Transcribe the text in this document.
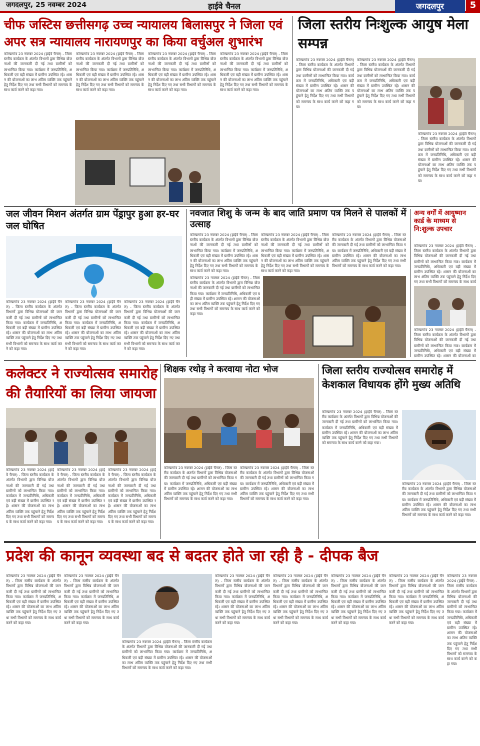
जगदलपुर, 25 नवम्बर 2024	हाईवे चैनल	जगदलपुर	5
चीफ जस्टिस छत्तीसगढ़ उच्च न्यायालय बिलासपुर ने जिला एवं अपर सत्र न्यायालय नारायणपुर का किया वर्चुअल शुभारंभ
कोण्डागांव 23 नवम्बर 2024 (हाईवे चैनल) - जिला स्तरीय कार्यक्रम के अंतर्गत विभागों द्वारा विभिन्न योजनाओं की जानकारी दी गई तथा ग्रामीणों को लाभान्वित किया गया। कार्यक्रम में जनप्रतिनिधि, अधिकारी एवं बड़ी संख्या में ग्रामीण उपस्थित रहे। शासन की योजनाओं का लाभ अंतिम व्यक्ति तक पहुंचाने हेतु निर्देश दिए गए तथा सभी विभागों को समन्वय के साथ कार्य करने को कहा गया।
कोण्डागांव 23 नवम्बर 2024 (हाईवे चैनल) - जिला स्तरीय कार्यक्रम के अंतर्गत विभागों द्वारा विभिन्न योजनाओं की जानकारी दी गई तथा ग्रामीणों को लाभान्वित किया गया। कार्यक्रम में जनप्रतिनिधि, अधिकारी एवं बड़ी संख्या में ग्रामीण उपस्थित रहे। शासन की योजनाओं का लाभ अंतिम व्यक्ति तक पहुंचाने हेतु निर्देश दिए गए तथा सभी विभागों को समन्वय के साथ कार्य करने को कहा गया।
कोण्डागांव 23 नवम्बर 2024 (हाईवे चैनल) - जिला स्तरीय कार्यक्रम के अंतर्गत विभागों द्वारा विभिन्न योजनाओं की जानकारी दी गई तथा ग्रामीणों को लाभान्वित किया गया। कार्यक्रम में जनप्रतिनिधि, अधिकारी एवं बड़ी संख्या में ग्रामीण उपस्थित रहे। शासन की योजनाओं का लाभ अंतिम व्यक्ति तक पहुंचाने हेतु निर्देश दिए गए तथा सभी विभागों को समन्वय के साथ कार्य करने को कहा गया।
कोण्डागांव 23 नवम्बर 2024 (हाईवे चैनल) - जिला स्तरीय कार्यक्रम के अंतर्गत विभागों द्वारा विभिन्न योजनाओं की जानकारी दी गई तथा ग्रामीणों को लाभान्वित किया गया। कार्यक्रम में जनप्रतिनिधि, अधिकारी एवं बड़ी संख्या में ग्रामीण उपस्थित रहे। शासन की योजनाओं का लाभ अंतिम व्यक्ति तक पहुंचाने हेतु निर्देश दिए गए तथा सभी विभागों को समन्वय के साथ कार्य करने को कहा गया।
जिला स्तरीय निःशुल्क आयुष मेला सम्पन्न
कोण्डागांव 23 नवम्बर 2024 (हाईवे चैनल) - जिला स्तरीय कार्यक्रम के अंतर्गत विभागों द्वारा विभिन्न योजनाओं की जानकारी दी गई तथा ग्रामीणों को लाभान्वित किया गया। कार्यक्रम में जनप्रतिनिधि, अधिकारी एवं बड़ी संख्या में ग्रामीण उपस्थित रहे। शासन की योजनाओं का लाभ अंतिम व्यक्ति तक पहुंचाने हेतु निर्देश दिए गए तथा सभी विभागों को समन्वय के साथ कार्य करने को कहा गया।
कोण्डागांव 23 नवम्बर 2024 (हाईवे चैनल) - जिला स्तरीय कार्यक्रम के अंतर्गत विभागों द्वारा विभिन्न योजनाओं की जानकारी दी गई तथा ग्रामीणों को लाभान्वित किया गया। कार्यक्रम में जनप्रतिनिधि, अधिकारी एवं बड़ी संख्या में ग्रामीण उपस्थित रहे। शासन की योजनाओं का लाभ अंतिम व्यक्ति तक पहुंचाने हेतु निर्देश दिए गए तथा सभी विभागों को समन्वय के साथ कार्य करने को कहा गया।
कोण्डागांव 23 नवम्बर 2024 (हाईवे चैनल) - जिला स्तरीय कार्यक्रम के अंतर्गत विभागों द्वारा विभिन्न योजनाओं की जानकारी दी गई तथा ग्रामीणों को लाभान्वित किया गया। कार्यक्रम में जनप्रतिनिधि, अधिकारी एवं बड़ी संख्या में ग्रामीण उपस्थित रहे। शासन की योजनाओं का लाभ अंतिम व्यक्ति तक पहुंचाने हेतु निर्देश दिए गए तथा सभी विभागों को समन्वय के साथ कार्य करने को कहा गया।
जल जीवन मिशन अंतर्गत ग्राम पेंड्रापुर हुआ हर-घर जल घोषित
कोण्डागांव 23 नवम्बर 2024 (हाईवे चैनल) - जिला स्तरीय कार्यक्रम के अंतर्गत विभागों द्वारा विभिन्न योजनाओं की जानकारी दी गई तथा ग्रामीणों को लाभान्वित किया गया। कार्यक्रम में जनप्रतिनिधि, अधिकारी एवं बड़ी संख्या में ग्रामीण उपस्थित रहे। शासन की योजनाओं का लाभ अंतिम व्यक्ति तक पहुंचाने हेतु निर्देश दिए गए तथा सभी विभागों को समन्वय के साथ कार्य करने को कहा गया।
कोण्डागांव 23 नवम्बर 2024 (हाईवे चैनल) - जिला स्तरीय कार्यक्रम के अंतर्गत विभागों द्वारा विभिन्न योजनाओं की जानकारी दी गई तथा ग्रामीणों को लाभान्वित किया गया। कार्यक्रम में जनप्रतिनिधि, अधिकारी एवं बड़ी संख्या में ग्रामीण उपस्थित रहे। शासन की योजनाओं का लाभ अंतिम व्यक्ति तक पहुंचाने हेतु निर्देश दिए गए तथा सभी विभागों को समन्वय के साथ कार्य करने को कहा गया।
कोण्डागांव 23 नवम्बर 2024 (हाईवे चैनल) - जिला स्तरीय कार्यक्रम के अंतर्गत विभागों द्वारा विभिन्न योजनाओं की जानकारी दी गई तथा ग्रामीणों को लाभान्वित किया गया। कार्यक्रम में जनप्रतिनिधि, अधिकारी एवं बड़ी संख्या में ग्रामीण उपस्थित रहे। शासन की योजनाओं का लाभ अंतिम व्यक्ति तक पहुंचाने हेतु निर्देश दिए गए तथा सभी विभागों को समन्वय के साथ कार्य करने को कहा गया।
नवजात शिशु के जन्म के बाद जाति प्रमाण पत्र मिलने से पालकों में उत्साह
कोण्डागांव 23 नवम्बर 2024 (हाईवे चैनल) - जिला स्तरीय कार्यक्रम के अंतर्गत विभागों द्वारा विभिन्न योजनाओं की जानकारी दी गई तथा ग्रामीणों को लाभान्वित किया गया। कार्यक्रम में जनप्रतिनिधि, अधिकारी एवं बड़ी संख्या में ग्रामीण उपस्थित रहे। शासन की योजनाओं का लाभ अंतिम व्यक्ति तक पहुंचाने हेतु निर्देश दिए गए तथा सभी विभागों को समन्वय के साथ कार्य करने को कहा गया।
कोण्डागांव 23 नवम्बर 2024 (हाईवे चैनल) - जिला स्तरीय कार्यक्रम के अंतर्गत विभागों द्वारा विभिन्न योजनाओं की जानकारी दी गई तथा ग्रामीणों को लाभान्वित किया गया। कार्यक्रम में जनप्रतिनिधि, अधिकारी एवं बड़ी संख्या में ग्रामीण उपस्थित रहे। शासन की योजनाओं का लाभ अंतिम व्यक्ति तक पहुंचाने हेतु निर्देश दिए गए तथा सभी विभागों को समन्वय के साथ कार्य करने को कहा गया।
कोण्डागांव 23 नवम्बर 2024 (हाईवे चैनल) - जिला स्तरीय कार्यक्रम के अंतर्गत विभागों द्वारा विभिन्न योजनाओं की जानकारी दी गई तथा ग्रामीणों को लाभान्वित किया गया। कार्यक्रम में जनप्रतिनिधि, अधिकारी एवं बड़ी संख्या में ग्रामीण उपस्थित रहे। शासन की योजनाओं का लाभ अंतिम व्यक्ति तक पहुंचाने हेतु निर्देश दिए गए तथा सभी विभागों को समन्वय के साथ कार्य करने को कहा गया।
कोण्डागांव 23 नवम्बर 2024 (हाईवे चैनल) - जिला स्तरीय कार्यक्रम के अंतर्गत विभागों द्वारा विभिन्न योजनाओं की जानकारी दी गई तथा ग्रामीणों को लाभान्वित किया गया। कार्यक्रम में जनप्रतिनिधि, अधिकारी एवं बड़ी संख्या में ग्रामीण उपस्थित रहे। शासन की योजनाओं का लाभ अंतिम व्यक्ति तक पहुंचाने हेतु निर्देश दिए गए तथा सभी विभागों को समन्वय के साथ कार्य करने को कहा गया।
अन्य वर्गों में आयुष्मान कार्ड के माध्यम से नि:शुल्क उपचार
कोण्डागांव 23 नवम्बर 2024 (हाईवे चैनल) - जिला स्तरीय कार्यक्रम के अंतर्गत विभागों द्वारा विभिन्न योजनाओं की जानकारी दी गई तथा ग्रामीणों को लाभान्वित किया गया। कार्यक्रम में जनप्रतिनिधि, अधिकारी एवं बड़ी संख्या में ग्रामीण उपस्थित रहे। शासन की योजनाओं का लाभ अंतिम व्यक्ति तक पहुंचाने हेतु निर्देश दिए गए तथा सभी विभागों को समन्वय के साथ कार्य
कोण्डागांव 23 नवम्बर 2024 (हाईवे चैनल) - जिला स्तरीय कार्यक्रम के अंतर्गत विभागों द्वारा विभिन्न योजनाओं की जानकारी दी गई तथा ग्रामीणों को लाभान्वित किया गया। कार्यक्रम में जनप्रतिनिधि, अधिकारी एवं बड़ी संख्या में ग्रामीण उपस्थित रहे। शासन की योजनाओं का
कलेक्टर ने राज्योत्सव समारोह की तैयारियों का लिया जायजा
कोण्डागांव 23 नवम्बर 2024 (हाईवे चैनल) - जिला स्तरीय कार्यक्रम के अंतर्गत विभागों द्वारा विभिन्न योजनाओं की जानकारी दी गई तथा ग्रामीणों को लाभान्वित किया गया। कार्यक्रम में जनप्रतिनिधि, अधिकारी एवं बड़ी संख्या में ग्रामीण उपस्थित रहे। शासन की योजनाओं का लाभ अंतिम व्यक्ति तक पहुंचाने हेतु निर्देश दिए गए तथा सभी विभागों को समन्वय के साथ कार्य करने को कहा गया।
कोण्डागांव 23 नवम्बर 2024 (हाईवे चैनल) - जिला स्तरीय कार्यक्रम के अंतर्गत विभागों द्वारा विभिन्न योजनाओं की जानकारी दी गई तथा ग्रामीणों को लाभान्वित किया गया। कार्यक्रम में जनप्रतिनिधि, अधिकारी एवं बड़ी संख्या में ग्रामीण उपस्थित रहे। शासन की योजनाओं का लाभ अंतिम व्यक्ति तक पहुंचाने हेतु निर्देश दिए गए तथा सभी विभागों को समन्वय के साथ कार्य करने को कहा गया।
कोण्डागांव 23 नवम्बर 2024 (हाईवे चैनल) - जिला स्तरीय कार्यक्रम के अंतर्गत विभागों द्वारा विभिन्न योजनाओं की जानकारी दी गई तथा ग्रामीणों को लाभान्वित किया गया। कार्यक्रम में जनप्रतिनिधि, अधिकारी एवं बड़ी संख्या में ग्रामीण उपस्थित रहे। शासन की योजनाओं का लाभ अंतिम व्यक्ति तक पहुंचाने हेतु निर्देश दिए गए तथा सभी विभागों को समन्वय के साथ कार्य करने को कहा गया।
शिक्षक रथोड़ ने करवाया नोटा भोज
कोण्डागांव 23 नवम्बर 2024 (हाईवे चैनल) - जिला स्तरीय कार्यक्रम के अंतर्गत विभागों द्वारा विभिन्न योजनाओं की जानकारी दी गई तथा ग्रामीणों को लाभान्वित किया गया। कार्यक्रम में जनप्रतिनिधि, अधिकारी एवं बड़ी संख्या में ग्रामीण उपस्थित रहे। शासन की योजनाओं का लाभ अंतिम व्यक्ति तक पहुंचाने हेतु निर्देश दिए गए तथा सभी विभागों को समन्वय के साथ कार्य करने को कहा गया।
कोण्डागांव 23 नवम्बर 2024 (हाईवे चैनल) - जिला स्तरीय कार्यक्रम के अंतर्गत विभागों द्वारा विभिन्न योजनाओं की जानकारी दी गई तथा ग्रामीणों को लाभान्वित किया गया। कार्यक्रम में जनप्रतिनिधि, अधिकारी एवं बड़ी संख्या में ग्रामीण उपस्थित रहे। शासन की योजनाओं का लाभ अंतिम व्यक्ति तक पहुंचाने हेतु निर्देश दिए गए तथा सभी विभागों को समन्वय के साथ कार्य करने को कहा गया।
जिला स्तरीय राज्योत्सव समारोह में केशकाल विधायक होंगे मुख्य अतिथि
कोण्डागांव 23 नवम्बर 2024 (हाईवे चैनल) - जिला स्तरीय कार्यक्रम के अंतर्गत विभागों द्वारा विभिन्न योजनाओं की जानकारी दी गई तथा ग्रामीणों को लाभान्वित किया गया। कार्यक्रम में जनप्रतिनिधि, अधिकारी एवं बड़ी संख्या में ग्रामीण उपस्थित रहे। शासन की योजनाओं का लाभ अंतिम व्यक्ति तक पहुंचाने हेतु निर्देश दिए गए तथा सभी विभागों को समन्वय के साथ कार्य करने को कहा गया।
कोण्डागांव 23 नवम्बर 2024 (हाईवे चैनल) - जिला स्तरीय कार्यक्रम के अंतर्गत विभागों द्वारा विभिन्न योजनाओं की जानकारी दी गई तथा ग्रामीणों को लाभान्वित किया गया। कार्यक्रम में जनप्रतिनिधि, अधिकारी एवं बड़ी संख्या में ग्रामीण उपस्थित रहे। शासन की योजनाओं का लाभ अंतिम व्यक्ति तक पहुंचाने हेतु निर्देश दिए गए तथा सभी विभागों को समन्वय के साथ कार्य करने को कहा गया।
प्रदेश की कानून व्यवस्था बद से बदतर होते जा रही है - दीपक बैज
कोण्डागांव 23 नवम्बर 2024 (हाईवे चैनल) - जिला स्तरीय कार्यक्रम के अंतर्गत विभागों द्वारा विभिन्न योजनाओं की जानकारी दी गई तथा ग्रामीणों को लाभान्वित किया गया। कार्यक्रम में जनप्रतिनिधि, अधिकारी एवं बड़ी संख्या में ग्रामीण उपस्थित रहे। शासन की योजनाओं का लाभ अंतिम व्यक्ति तक पहुंचाने हेतु निर्देश दिए गए तथा सभी विभागों को समन्वय के साथ कार्य करने को कहा गया।
कोण्डागांव 23 नवम्बर 2024 (हाईवे चैनल) - जिला स्तरीय कार्यक्रम के अंतर्गत विभागों द्वारा विभिन्न योजनाओं की जानकारी दी गई तथा ग्रामीणों को लाभान्वित किया गया। कार्यक्रम में जनप्रतिनिधि, अधिकारी एवं बड़ी संख्या में ग्रामीण उपस्थित रहे। शासन की योजनाओं का लाभ अंतिम व्यक्ति तक पहुंचाने हेतु निर्देश दिए गए तथा सभी विभागों को समन्वय के साथ कार्य करने को कहा गया।
कोण्डागांव 23 नवम्बर 2024 (हाईवे चैनल) - जिला स्तरीय कार्यक्रम के अंतर्गत विभागों द्वारा विभिन्न योजनाओं की जानकारी दी गई तथा ग्रामीणों को लाभान्वित किया गया। कार्यक्रम में जनप्रतिनिधि, अधिकारी एवं बड़ी संख्या में ग्रामीण उपस्थित रहे। शासन की योजनाओं का लाभ अंतिम व्यक्ति तक पहुंचाने हेतु निर्देश दिए गए तथा सभी विभागों को समन्वय के साथ कार्य करने को कहा गया।
कोण्डागांव 23 नवम्बर 2024 (हाईवे चैनल) - जिला स्तरीय कार्यक्रम के अंतर्गत विभागों द्वारा विभिन्न योजनाओं की जानकारी दी गई तथा ग्रामीणों को लाभान्वित किया गया। कार्यक्रम में जनप्रतिनिधि, अधिकारी एवं बड़ी संख्या में ग्रामीण उपस्थित रहे। शासन की योजनाओं का लाभ अंतिम व्यक्ति तक पहुंचाने हेतु निर्देश दिए गए तथा सभी विभागों को समन्वय के साथ कार्य करने को कहा गया।
कोण्डागांव 23 नवम्बर 2024 (हाईवे चैनल) - जिला स्तरीय कार्यक्रम के अंतर्गत विभागों द्वारा विभिन्न योजनाओं की जानकारी दी गई तथा ग्रामीणों को लाभान्वित किया गया। कार्यक्रम में जनप्रतिनिधि, अधिकारी एवं बड़ी संख्या में ग्रामीण उपस्थित रहे। शासन की योजनाओं का लाभ अंतिम व्यक्ति तक पहुंचाने हेतु निर्देश दिए गए तथा सभी विभागों को समन्वय के साथ कार्य करने को कहा गया।
कोण्डागांव 23 नवम्बर 2024 (हाईवे चैनल) - जिला स्तरीय कार्यक्रम के अंतर्गत विभागों द्वारा विभिन्न योजनाओं की जानकारी दी गई तथा ग्रामीणों को लाभान्वित किया गया। कार्यक्रम में जनप्रतिनिधि, अधिकारी एवं बड़ी संख्या में ग्रामीण उपस्थित रहे। शासन की योजनाओं का लाभ अंतिम व्यक्ति तक पहुंचाने हेतु निर्देश दिए गए तथा सभी विभागों को समन्वय के साथ कार्य करने को कहा गया।
कोण्डागांव 23 नवम्बर 2024 (हाईवे चैनल) - जिला स्तरीय कार्यक्रम के अंतर्गत विभागों द्वारा विभिन्न योजनाओं की जानकारी दी गई तथा ग्रामीणों को लाभान्वित किया गया। कार्यक्रम में जनप्रतिनिधि, अधिकारी एवं बड़ी संख्या में ग्रामीण उपस्थित रहे। शासन की योजनाओं का लाभ अंतिम व्यक्ति तक पहुंचाने हेतु निर्देश दिए गए तथा सभी विभागों को समन्वय के साथ कार्य करने को कहा गया।
कोण्डागांव 23 नवम्बर 2024 (हाईवे चैनल) - जिला स्तरीय कार्यक्रम के अंतर्गत विभागों द्वारा विभिन्न योजनाओं की जानकारी दी गई तथा ग्रामीणों को लाभान्वित किया गया। कार्यक्रम में जनप्रतिनिधि, अधिकारी एवं बड़ी संख्या में ग्रामीण उपस्थित रहे। शासन की योजनाओं का लाभ अंतिम व्यक्ति तक पहुंचाने हेतु निर्देश दिए गए तथा सभी विभागों को समन्वय के साथ कार्य करने को कहा गया।
